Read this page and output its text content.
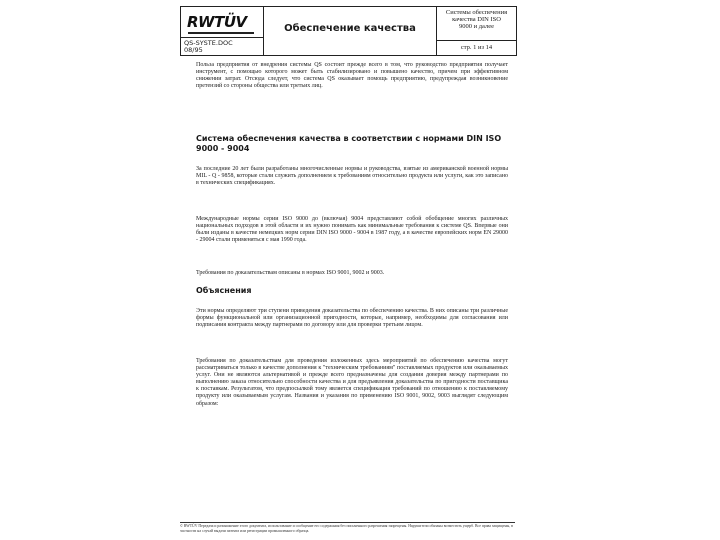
RWTÜV
QS-SYSTE.DOC
08/95
Обеспечение качества
Системы обеспечения
качества DIN ISO
9000 и далее
стр. 1 из 14
Польза предприятия от внедрения системы QS состоит прежде всего в том, что руководство предприятия получает инструмент, с помощью которого может быть стабилизировано и повышено качество, причем при эффективном снижении затрат. Отсюда следует, что система QS оказывает помощь предприятию, предупреждая возникновение претензий со стороны общества или третьих лиц.
Система обеспечения качества в соответствии с нормами DIN ISO 9000 - 9004
За последние 20 лет были разработаны многочисленные нормы и руководства, взятые из американской военной нормы MIL - Q - 9858, которые стали служить дополнением к требованиям относительно продукта или услуги, как это записано в технических спецификациях.
Международные нормы серии ISO 9000 до (включая) 9004 представляют собой обобщение многих различных национальных подходов в этой области и их нужно понимать как минимальные требования к системе QS. Впервые они были изданы в качестве немецких норм серии DIN ISO 9000 - 9004 в 1987 году, а в качестве европейских норм EN 29000 - 29004 стали применяться с мая 1990 года.
Требования по доказательствам описаны в нормах ISO 9001, 9002 и 9003.
Объяснения
Эти нормы определяют три ступени приведения доказательства по обеспечению качества. В них описаны три различные формы функциональной или организационной пригодности, которые, например, необходимы для согласования или подписания контракта между партнерами по договору или для проверки третьим лицом.
Требования по доказательствам для проведения изложенных здесь мероприятий по обеспечению качества могут рассматриваться только в качестве дополнения к "техническим требованиям" поставляемых продуктов или оказываемых услуг. Они не являются альтернативой и прежде всего предназначены для создания доверия между партнерами по выполнению заказа относительно способности качества и для предъявления доказательства по пригодности поставщика к поставкам. Результатом, что предпосылкой тому является спецификация требований по отношению к поставляемому продукту или оказываемым услугам. Названия и указания по применению ISO 9001, 9002, 9003 выглядят следующим образом:
© RWTÜV Передача и размножение этого документа, использование и сообщение его содержания без письменного разрешения запрещены. Нарушители обязаны возместить ущерб. Все права защищены, в частности на случай выдачи патента или регистрации промышленного образца.
